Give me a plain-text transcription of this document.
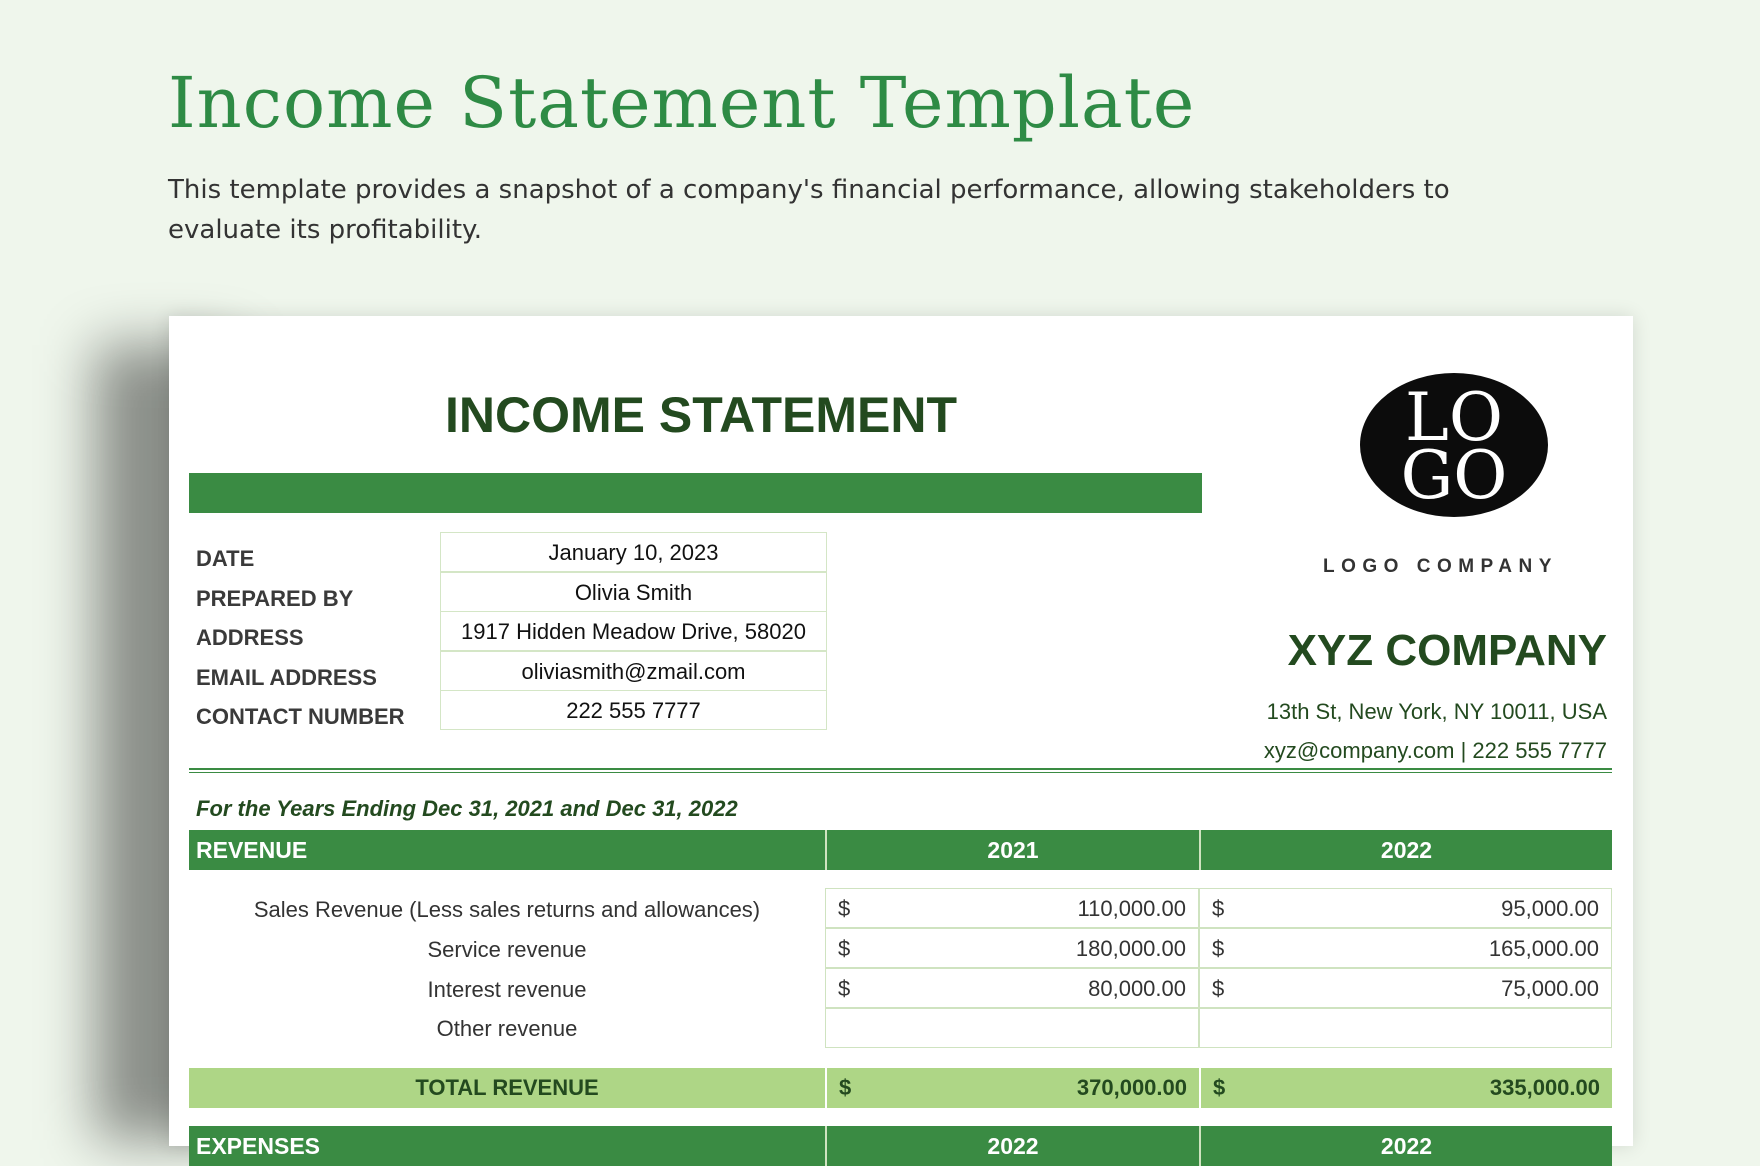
Income Statement Template

This template provides a snapshot of a company's financial performance, allowing stakeholders to evaluate its profitability.

INCOME STATEMENT
DATE	January 10, 2023
PREPARED BY	Olivia Smith
ADDRESS	1917 Hidden Meadow Drive, 58020
EMAIL ADDRESS	oliviasmith@zmail.com
CONTACT NUMBER	222 555 7777
LO
GO
LOGO COMPANY
XYZ COMPANY
13th St, New York, NY 10011, USA
xyz@company.com | 222 555 7777
For the Years Ending Dec 31, 2021 and Dec 31, 2022
REVENUE	2021	2022
Sales Revenue (Less sales returns and allowances)	$	110,000.00 $	95,000.00
Service revenue	$	180,000.00 $	165,000.00
Interest revenue	$	80,000.00 $	75,000.00
Other revenue
TOTAL REVENUE	$	370,000.00 $	335,000.00
EXPENSES	2022	2022
